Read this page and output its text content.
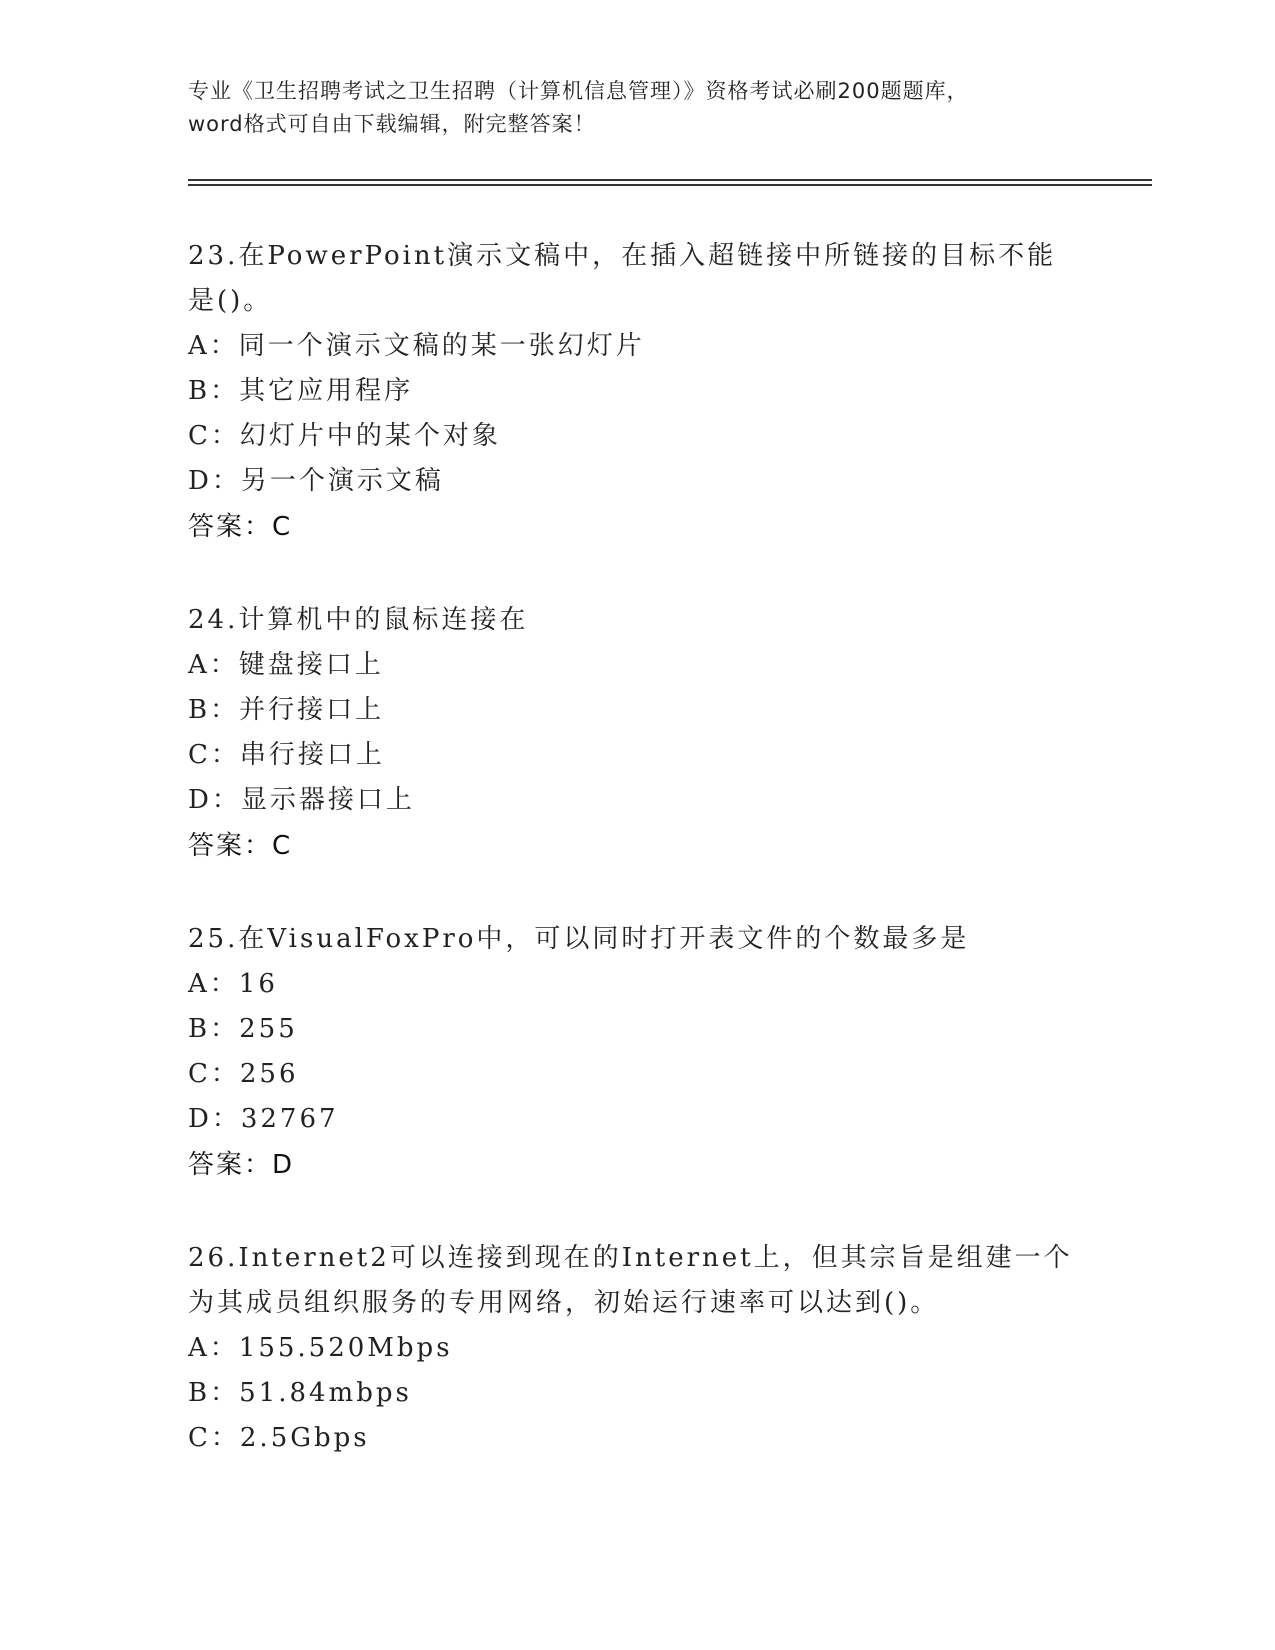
专业《卫生招聘考试之卫生招聘（计算机信息管理）》资格考试必刷200题题库，
word格式可自由下载编辑，附完整答案！
23.在PowerPoint演示文稿中，在插入超链接中所链接的目标不能是()。
A：同一个演示文稿的某一张幻灯片
B：其它应用程序
C：幻灯片中的某个对象
D：另一个演示文稿
答案：C
24.计算机中的鼠标连接在
A：键盘接口上
B：并行接口上
C：串行接口上
D：显示器接口上
答案：C
25.在VisualFoxPro中，可以同时打开表文件的个数最多是
A：16
B：255
C：256
D：32767
答案：D
26.Internet2可以连接到现在的Internet上，但其宗旨是组建一个为其成员组织服务的专用网络，初始运行速率可以达到()。
A：155.520Mbps
B：51.84mbps
C：2.5Gbps
